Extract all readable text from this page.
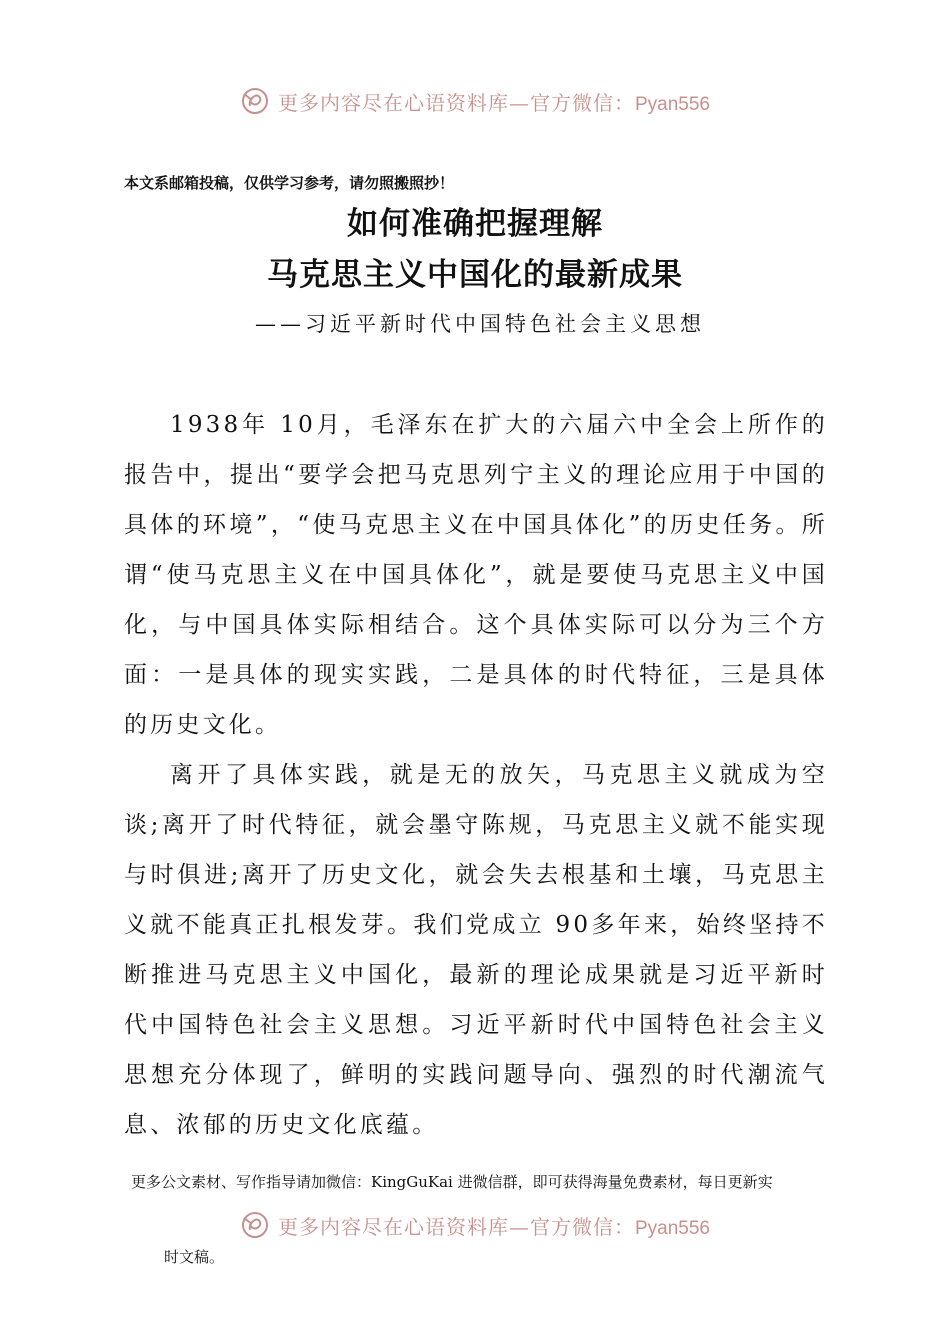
更多内容尽在心语资料库—官方微信：Pyan556
本文系邮箱投稿，仅供学习参考，请勿照搬照抄！
如何准确把握理解
马克思主义中国化的最新成果
——习近平新时代中国特色社会主义思想

1938年 10月，毛泽东在扩大的六届六中全会上所作的报告中，提出“要学会把马克思列宁主义的理论应用于中国的具体的环境”，“使马克思主义在中国具体化”的历史任务。所谓“使马克思主义在中国具体化”，就是要使马克思主义中国化，与中国具体实际相结合。这个具体实际可以分为三个方面：一是具体的现实实践，二是具体的时代特征，三是具体的历史文化。

离开了具体实践，就是无的放矢，马克思主义就成为空谈;离开了时代特征，就会墨守陈规，马克思主义就不能实现与时俱进;离开了历史文化，就会失去根基和土壤，马克思主义就不能真正扎根发芽。我们党成立 90多年来，始终坚持不断推进马克思主义中国化，最新的理论成果就是习近平新时代中国特色社会主义思想。习近平新时代中国特色社会主义思想充分体现了，鲜明的实践问题导向、强烈的时代潮流气息、浓郁的历史文化底蕴。

更多公文素材、写作指导请加微信：KingGuKai 进微信群，即可获得海量免费素材，每日更新实
更多内容尽在心语资料库—官方微信：Pyan556
时文稿。
